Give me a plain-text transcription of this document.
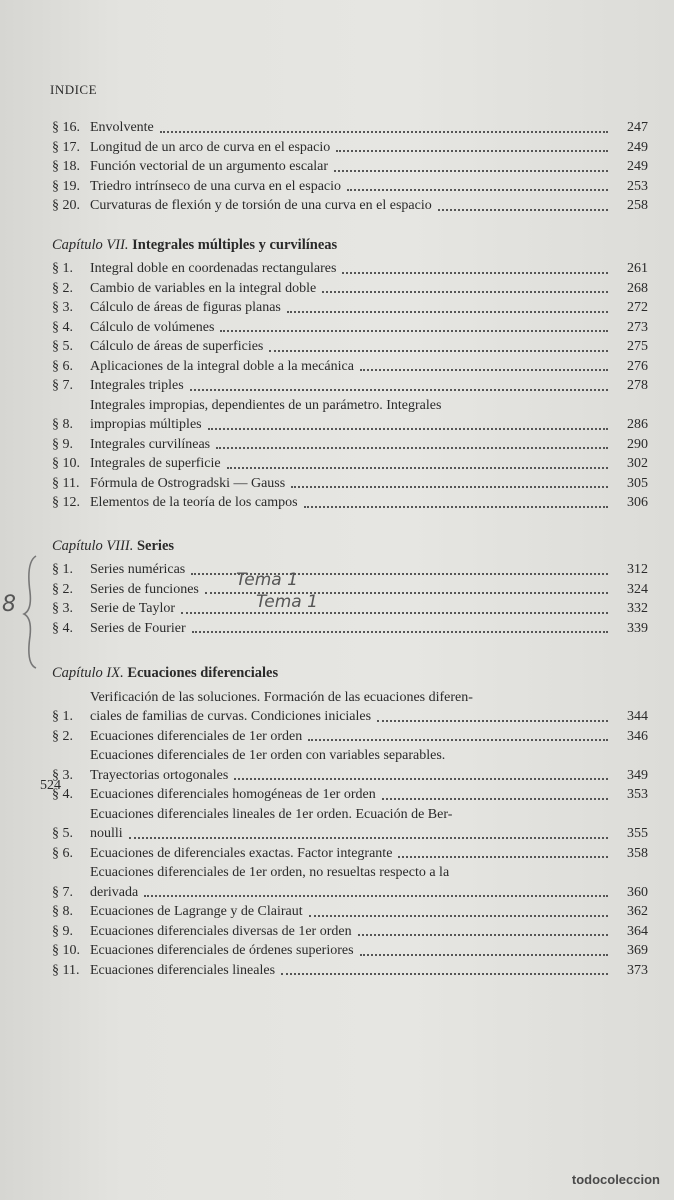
INDICE
§ 16. Envolvente	247
§ 17. Longitud de un arco de curva en el espacio	249
§ 18. Función vectorial de un argumento escalar	249
§ 19. Triedro intrínseco de una curva en el espacio	253
§ 20. Curvaturas de flexión y de torsión de una curva en el espacio	258
Capítulo VII. Integrales múltiples y curvilíneas
§ 1.	Integral doble en coordenadas rectangulares	261
§ 2.	Cambio de variables en la integral doble	268
§ 3.	Cálculo de áreas de figuras planas	272
§ 4.	Cálculo de volúmenes	273
§ 5.	Cálculo de áreas de superficies	275
§ 6.	Aplicaciones de la integral doble a la mecánica	276
§ 7.	Integrales triples	278
§ 8.
Integrales impropias, dependientes de un parámetro. Integrales
impropias múltiples	286
§ 9.	Integrales curvilíneas	290
§ 10. Integrales de superficie	302
§ 11. Fórmula de Ostrogradski — Gauss	305
§ 12. Elementos de la teoría de los campos	306
Capítulo VIII. Series
§ 1.	Series numéricas	312
§ 2.	Series de funciones	324
§ 3.	Serie de Taylor	332
§ 4.	Series de Fourier	339
Capítulo IX. Ecuaciones diferenciales
§ 1.
Verificación de las soluciones. Formación de las ecuaciones diferen-
ciales de familias de curvas. Condiciones iniciales	344
§ 2.	Ecuaciones diferenciales de 1er orden	346
§ 3.
Ecuaciones diferenciales de 1er orden con variables separables.
Trayectorias ortogonales	349
§ 4.	Ecuaciones diferenciales homogéneas de 1er orden	353
§ 5.
Ecuaciones diferenciales lineales de 1er orden. Ecuación de Ber-
noulli	355
§ 6.	Ecuaciones de diferenciales exactas. Factor integrante	358
§ 7.
Ecuaciones diferenciales de 1er orden, no resueltas respecto a la
derivada	360
§ 8.	Ecuaciones de Lagrange y de Clairaut	362
§ 9.	Ecuaciones diferenciales diversas de 1er orden	364
§ 10. Ecuaciones diferenciales de órdenes superiores	369
§ 11. Ecuaciones diferenciales lineales	373
Tema 1
Tema 1
8
524
todocoleccion
